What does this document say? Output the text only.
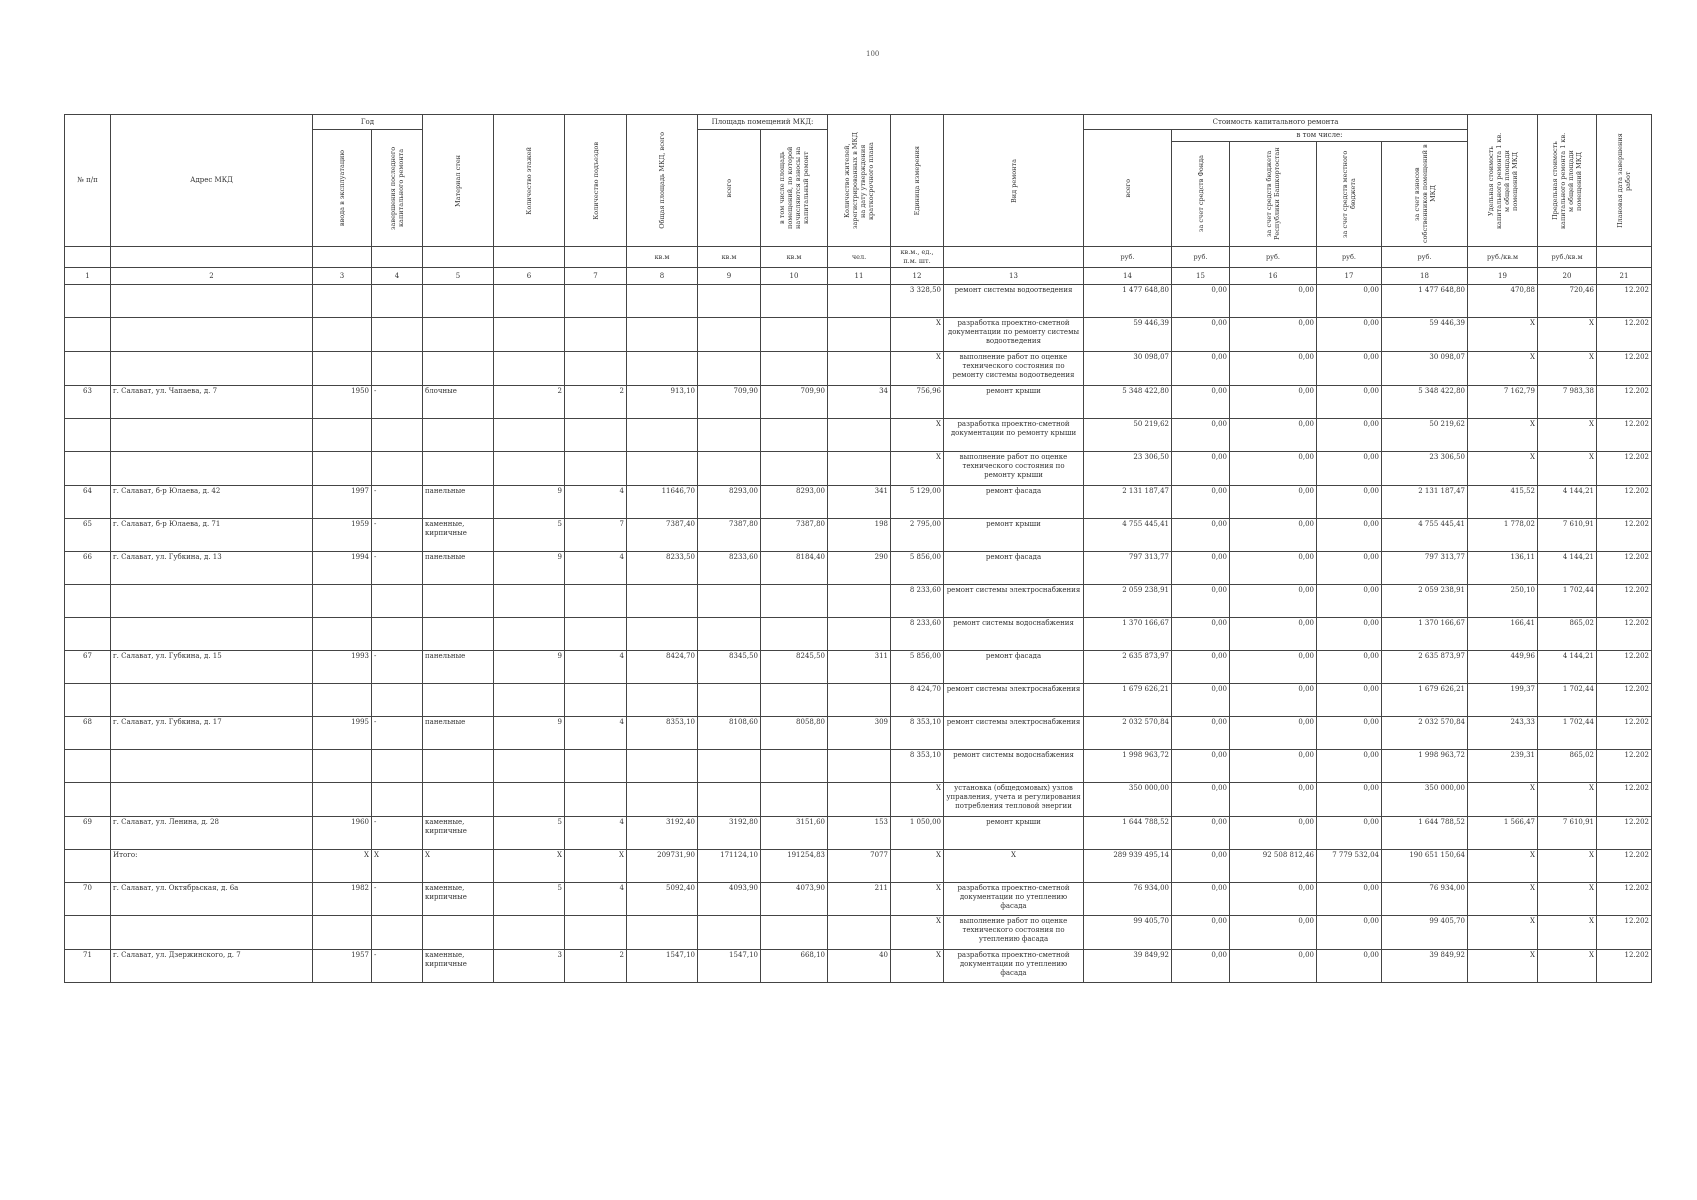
100
№ п/п	Адрес МКД	Год		Материал стен	Количество этажей	Количество подъездов	Общая площадь МКД, всего	Площадь помещений МКД:		Количество жителей, зарегистрированных в МКД на дату утверждения краткосрочного плана	Единица измерения	Вид ремонта	Стоимость капитального ремонта					Удельная стоимость капитального ремонта 1 кв. м общей площади помещений МКД	Предельная стоимость капитального ремонта 1 кв. м общей площади помещений МКД	Плановая дата завершения работ

		ввода в эксплуатацию	завершения последнего капитального ремонта					всего	в том числе площадь помещений, по которой начисляются взносы на капитальный ремонт				всего	в том числе:						

														за счет средств Фонда	за счет средств бюджета Республики Башкортостан	за счет средств местного бюджета	за счет взносов собственников помещений в МКД			

							кв.м	кв.м	кв.м	чел.	кв.м., ед., п.м. шт.		руб.	руб.	руб.	руб.	руб.	руб./кв.м	руб./кв.м	
1	2	3	4	5	6	7	8	9	10	11	12	13	14	15	16	17	18	19	20	21
											3 328,50	ремонт системы водоотведения	1 477 648,80	0,00	0,00	0,00	1 477 648,80	470,88	720,46	12.202
											X	разработка проектно-сметной документации по ремонту системы водоотведения	59 446,39	0,00	0,00	0,00	59 446,39	X	X	12.202
											X	выполнение работ по оценке технического состояния по ремонту системы водоотведения	30 098,07	0,00	0,00	0,00	30 098,07	X	X	12.202
63	г. Салават, ул. Чапаева, д. 7	1950	-	блочные	2	2	913,10	709,90	709,90	34	756,96	ремонт крыши	5 348 422,80	0,00	0,00	0,00	5 348 422,80	7 162,79	7 983,38	12.202
											X	разработка проектно-сметной документации по ремонту крыши	50 219,62	0,00	0,00	0,00	50 219,62	X	X	12.202
											X	выполнение работ по оценке технического состояния по ремонту крыши	23 306,50	0,00	0,00	0,00	23 306,50	X	X	12.202
64	г. Салават, б-р Юлаева, д. 42	1997	-	панельные	9	4	11646,70	8293,00	8293,00	341	5 129,00	ремонт фасада	2 131 187,47	0,00	0,00	0,00	2 131 187,47	415,52	4 144,21	12.202
65	г. Салават, б-р Юлаева, д. 71	1959	-	каменные, кирпичные	5	7	7387,40	7387,80	7387,80	198	2 795,00	ремонт крыши	4 755 445,41	0,00	0,00	0,00	4 755 445,41	1 778,02	7 610,91	12.202
66	г. Салават, ул. Губкина, д. 13	1994	-	панельные	9	4	8233,50	8233,60	8184,40	290	5 856,00	ремонт фасада	797 313,77	0,00	0,00	0,00	797 313,77	136,11	4 144,21	12.202
											8 233,60	ремонт системы электроснабжения	2 059 238,91	0,00	0,00	0,00	2 059 238,91	250,10	1 702,44	12.202
											8 233,60	ремонт системы водоснабжения	1 370 166,67	0,00	0,00	0,00	1 370 166,67	166,41	865,02	12.202
67	г. Салават, ул. Губкина, д. 15	1993	-	панельные	9	4	8424,70	8345,50	8245,50	311	5 856,00	ремонт фасада	2 635 873,97	0,00	0,00	0,00	2 635 873,97	449,96	4 144,21	12.202
											8 424,70	ремонт системы электроснабжения	1 679 626,21	0,00	0,00	0,00	1 679 626,21	199,37	1 702,44	12.202
68	г. Салават, ул. Губкина, д. 17	1995	-	панельные	9	4	8353,10	8108,60	8058,80	309	8 353,10	ремонт системы электроснабжения	2 032 570,84	0,00	0,00	0,00	2 032 570,84	243,33	1 702,44	12.202
											8 353,10	ремонт системы водоснабжения	1 998 963,72	0,00	0,00	0,00	1 998 963,72	239,31	865,02	12.202
											X	установка (общедомовых) узлов управления, учета и регулирования потребления тепловой энергии	350 000,00	0,00	0,00	0,00	350 000,00	X	X	12.202
69	г. Салават, ул. Ленина, д. 28	1960	-	каменные, кирпичные	5	4	3192,40	3192,80	3151,60	153	1 050,00	ремонт крыши	1 644 788,52	0,00	0,00	0,00	1 644 788,52	1 566,47	7 610,91	12.202
	Итого:	X	X	X	X	X	209731,90	171124,10	191254,83	7077	X	X	289 939 495,14	0,00	92 508 812,46	7 779 532,04	190 651 150,64	X	X	12.202
70	г. Салават, ул. Октябрьская, д. 6а	1982	-	каменные, кирпичные	5	4	5092,40	4093,90	4073,90	211	X	разработка проектно-сметной документации по утеплению фасада	76 934,00	0,00	0,00	0,00	76 934,00	X	X	12.202
											X	выполнение работ по оценке технического состояния по утеплению фасада	99 405,70	0,00	0,00	0,00	99 405,70	X	X	12.202
71	г. Салават, ул. Дзержинского, д. 7	1957	-	каменные, кирпичные	3	2	1547,10	1547,10	668,10	40	X	разработка проектно-сметной документации по утеплению фасада	39 849,92	0,00	0,00	0,00	39 849,92	X	X	12.202
